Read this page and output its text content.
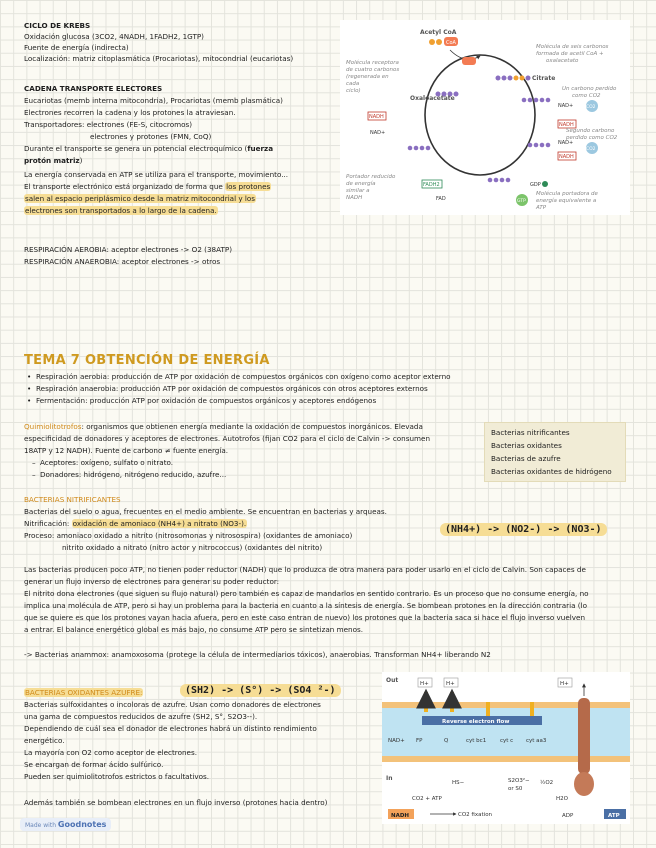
CICLO DE KREBS
Oxidación glucosa (3CO2, 4NADH, 1FADH2, 1GTP)
Fuente de energía (indirecta)
Localización: matriz citoplasmática (Procariotas), mitocondrial (eucariotas)
CADENA TRANSPORTE ELECTORES
Eucariotas (memb interna mitocondria), Procariotas (memb plasmática)
Electrones recorren la cadena y los protones la atraviesan.
Transportadores: electrones (FE-S, citocromos)
electrones y protones (FMN, CoQ)
Durante el transporte se genera un potencial electroquímico (fuerza
protón matriz)
La energía conservada en ATP se utiliza para el transporte, movimiento...
El transporte electrónico está organizado de forma que los protones
salen al espacio periplásmico desde la matriz mitocondrial y los
electrones son transportados a lo largo de la cadena.
RESPIRACIÓN AEROBIA: aceptor electrones -> O2 (38ATP)
RESPIRACIÓN ANAEROBIA: aceptor electrones -> otros
Acetyl CoA
CoA
Citrate
Oxaloacetate
NADH
NAD+
NAD+
NADH
NAD+
NADH
CO2
CO2
FAD
FADH2	GDP
GTP
Molécula de seis carbonos
formada de acetil CoA +
oxalacetato
Molécula receptora
de cuatro carbonos
(regenerada en
cada
ciclo)	Un carbono perdido
como CO2
Segundo carbono
perdido como CO2
Portador reducido
de energía
similar a
NADH
Molécula portadora de
energía equivalente a
ATP
TEMA 7 OBTENCIÓN DE ENERGÍA
• Respiración aerobia: producción de ATP por oxidación de compuestos orgánicos con oxígeno como aceptor externo
• Respiración anaerobia: producción ATP por oxidación de compuestos orgánicos con otros aceptores externos
• Fermentación: producción ATP por oxidación de compuestos orgánicos y aceptores endógenos
Quimiolitotrofos: organismos que obtienen energía mediante la oxidación de compuestos inorgánicos. Elevada
especificidad de donadores y aceptores de electrones. Autotrofos (fijan CO2 para el ciclo de Calvin -> consumen
18ATP y 12 NADH). Fuente de carbono ≠ fuente energía.
– Aceptores: oxígeno, sulfato o nitrato.
– Donadores: hidrógeno, nitrógeno reducido, azufre...
Bacterias nitrificantes
Bacterias oxidantes
Bacterias de azufre
Bacterias oxidantes de hidrógeno
BACTERIAS NITRIFICANTES
Bacterias del suelo o agua, frecuentes en el medio ambiente. Se encuentran en bacterias y arqueas.
Nitrificación: oxidación de amoniaco (NH4+) a nitrato (NO3-).
Proceso: amoniaco oxidado a nitrito (nitrosomonas y nitrosospira) (oxidantes de amoniaco)
nitrito oxidado a nitrato (nitro actor y nitrococcus) (oxidantes del nitrito)
(NH4+) -> (NO2-) -> (NO3-)
Las bacterias producen poco ATP, no tienen poder reductor (NADH) que lo produzca de otra manera para poder usarlo en el ciclo de Calvin. Son capaces de
generar un flujo inverso de electrones para generar su poder reductor:
El nitrito dona electrones (que siguen su flujo natural) pero también es capaz de mandarlos en sentido contrario. Es un proceso que no consume energía, no
implica una molécula de ATP, pero si hay un problema para la bacteria en cuanto a la síntesis de energía. Se bombean protones en la dirección contraria (lo
que se quiere es que los protones vayan hacia afuera, pero en este caso entran de nuevo) los protones que la bacteria saca si hace el flujo inverso vuelven
a entrar. El balance energético global es más bajo, no consume ATP pero se sintetizan menos.
-> Bacterias anammox: anamoxosoma (protege la célula de intermediarios tóxicos), anaerobias. Transforman NH4+ liberando N2
BACTERIAS OXIDANTES AZUFRE:	(SH2) -> (S°) -> (SO4 ²-)
Bacterias sulfoxidantes o incoloras de azufre. Usan como donadores de electrones
una gama de compuestos reducidos de azufre (SH2, S°, S2O3--).
Dependiendo de cuál sea el donador de electrones habrá un distinto rendimiento
energético.
La mayoría con O2 como aceptor de electrones.
Se encargan de formar ácido sulfúrico.
Pueden ser quimiolitotrofos estrictos o facultativos.
Además también se bombean electrones en un flujo inverso (protones hacia dentro)
Out
In
H+	H+	H+
Reverse electron flow
NAD+ FP	Q	cyt bc1	cyt c cyt aa3
HS−	S2O3²−
or S0
½O2
H2O
CO2 + ATP
CO2 fixation
NADH	ADP	ATP
Made with Goodnotes
